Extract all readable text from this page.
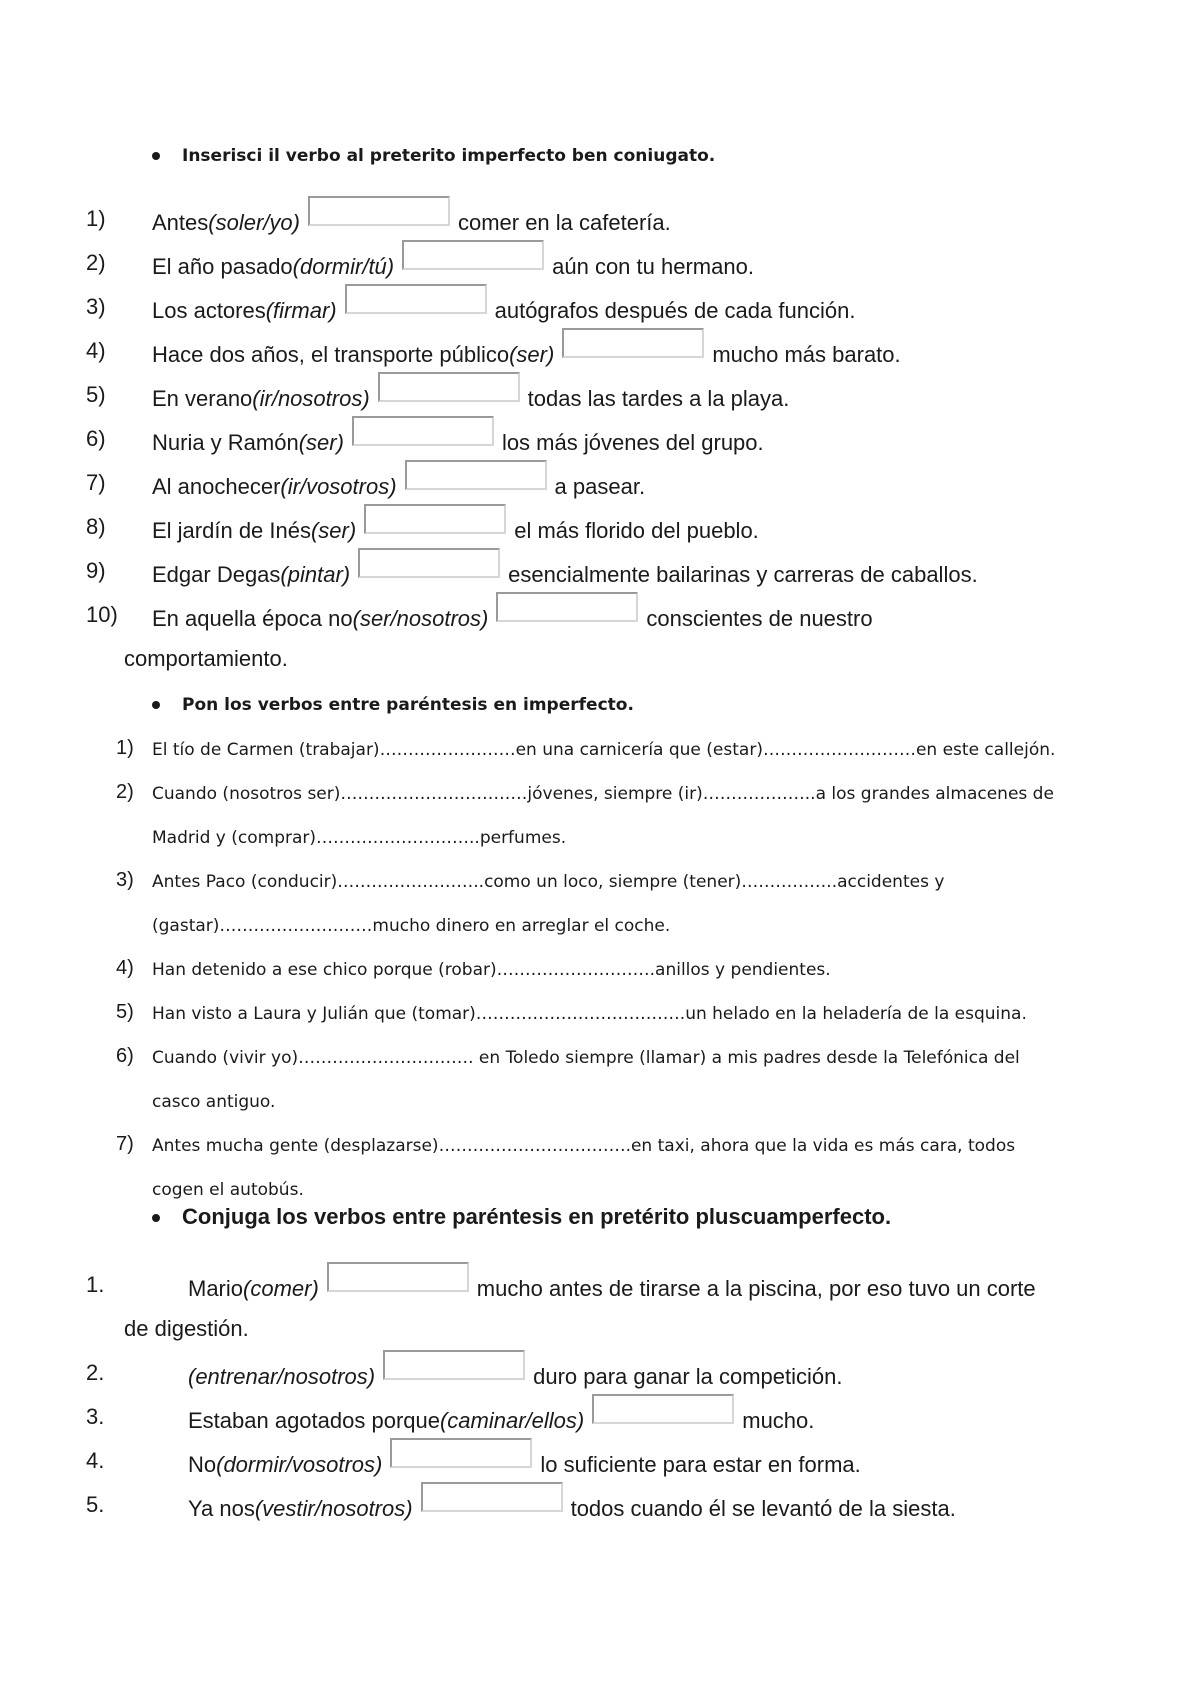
Inserisci il verbo al preterito imperfecto ben coniugato.
1) Antes (soler/yo)	comer en la cafetería.
2) El año pasado (dormir/tú)	aún con tu hermano.
3) Los actores (firmar)	autógrafos después de cada función.
4) Hace dos años, el transporte público (ser)	mucho más barato.
5) En verano (ir/nosotros)	todas las tardes a la playa.
6) Nuria y Ramón (ser)	los más jóvenes del grupo.
7) Al anochecer (ir/vosotros)	a pasear.
8) El jardín de Inés (ser)	el más florido del pueblo.
9) Edgar Degas (pintar)	esencialmente bailarinas y carreras de caballos.
10) En aquella época no (ser/nosotros)	conscientes de nuestro
comportamiento.
Pon los verbos entre paréntesis en imperfecto.
1) El tío de Carmen (trabajar)……………………en una carnicería que (estar)………………………en este callejón.
2) Cuando (nosotros ser)……………………………jóvenes, siempre (ir)………………..a los grandes almacenes de
Madrid y (comprar)………………………..perfumes.
3) Antes Paco (conducir)……………………..como un loco, siempre (tener)……………..accidentes y
(gastar)………………………mucho dinero en arreglar el coche.
4) Han detenido a ese chico porque (robar)……………………….anillos y pendientes.
5) Han visto a Laura y Julián que (tomar)……………………………….un helado en la heladería de la esquina.
6) Cuando (vivir yo)…………………………. en Toledo siempre (llamar) a mis padres desde la Telefónica del
casco antiguo.
7) Antes mucha gente (desplazarse)…………………………….en taxi, ahora que la vida es más cara, todos
cogen el autobús.
Conjuga los verbos entre paréntesis en pretérito pluscuamperfecto.
1.	Mario (comer)	mucho antes de tirarse a la piscina, por eso tuvo un corte
2.	(entrenar/nosotros)	duro para ganar la competición.
3.	Estaban agotados porque (caminar/ellos)	mucho.
4.	No (dormir/vosotros)	lo suficiente para estar en forma.
5.	Ya nos (vestir/nosotros)	todos cuando él se levantó de la siesta.
de digestión.
